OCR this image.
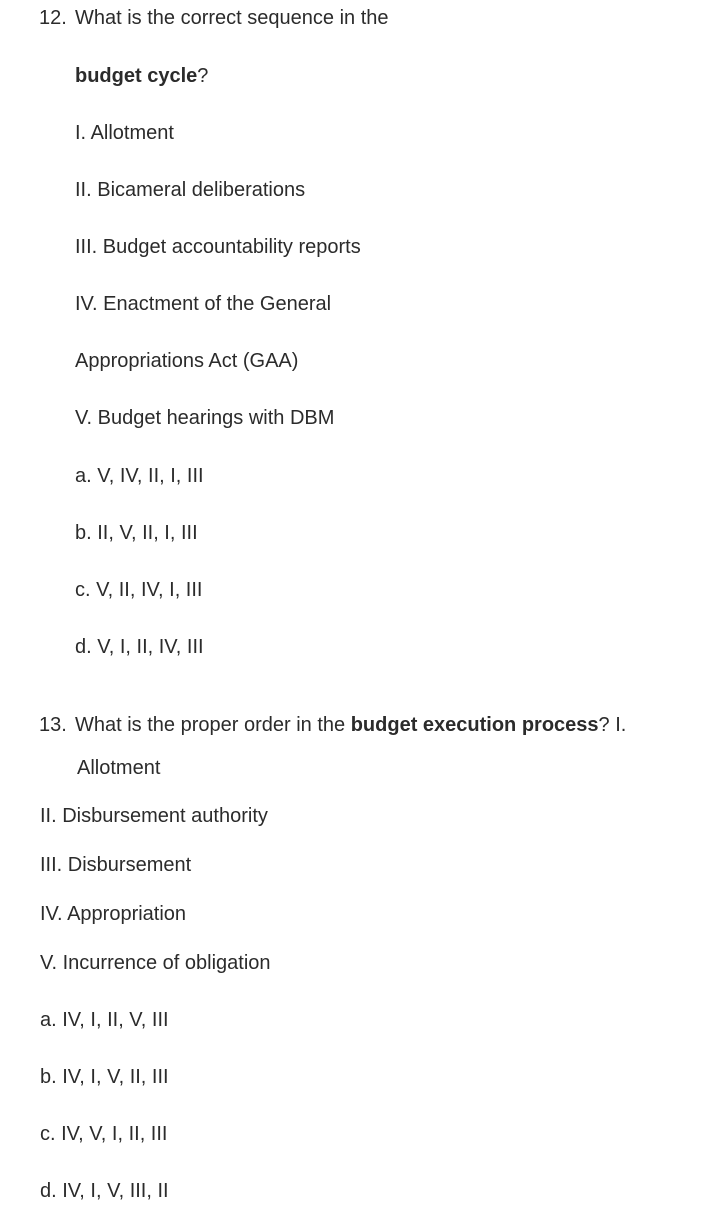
12. What is the correct sequence in the

budget cycle?

I. Allotment

II. Bicameral deliberations

III. Budget accountability reports

IV. Enactment of the General

Appropriations Act (GAA)

V. Budget hearings with DBM

a. V, IV, II, I, III

b. II, V, II, I, III

c. V, II, IV, I, III

d. V, I, II, IV, III

13. What is the proper order in the budget execution process? I.

Allotment

II. Disbursement authority

III. Disbursement

IV. Appropriation

V. Incurrence of obligation

a. IV, I, II, V, III

b. IV, I, V, II, III

c. IV, V, I, II, III

d. IV, I, V, III, II
